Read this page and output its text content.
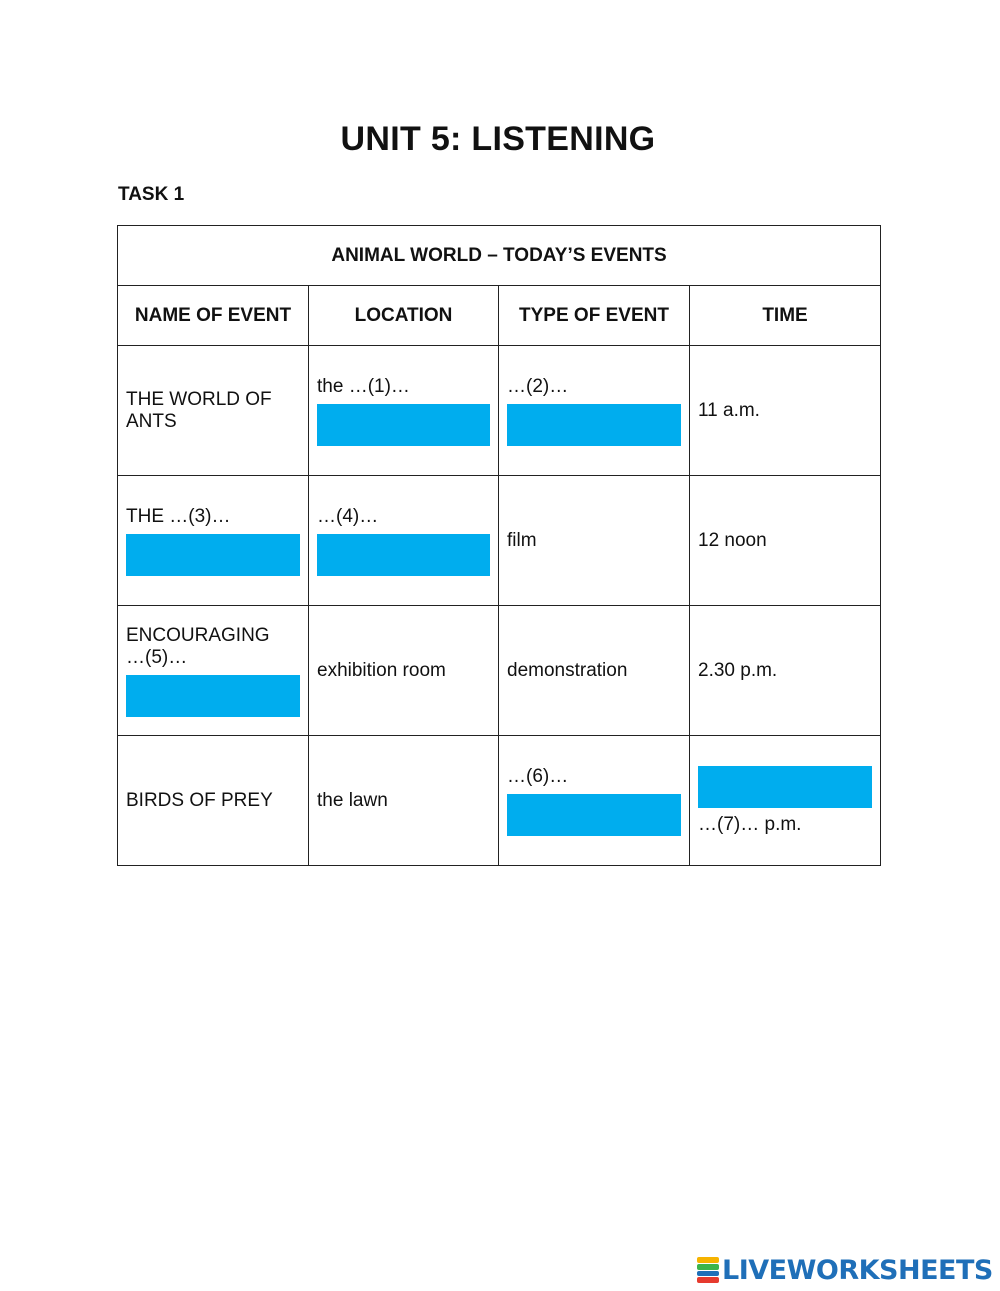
UNIT 5: LISTENING
TASK 1
ANIMAL WORLD – TODAY’S EVENTS			
NAME OF EVENT	LOCATION	TYPE OF EVENT	TIME
THE WORLD OF ANTS	the …(1)…	…(2)…	11 a.m.

THE …(3)…	…(4)…	film	12 noon

ENCOURAGING
…(5)…	exhibition room	demonstration	2.30 p.m.
BIRDS OF PREY	the lawn	…(6)…	…(7)… p.m.
LIVEWORKSHEETS
